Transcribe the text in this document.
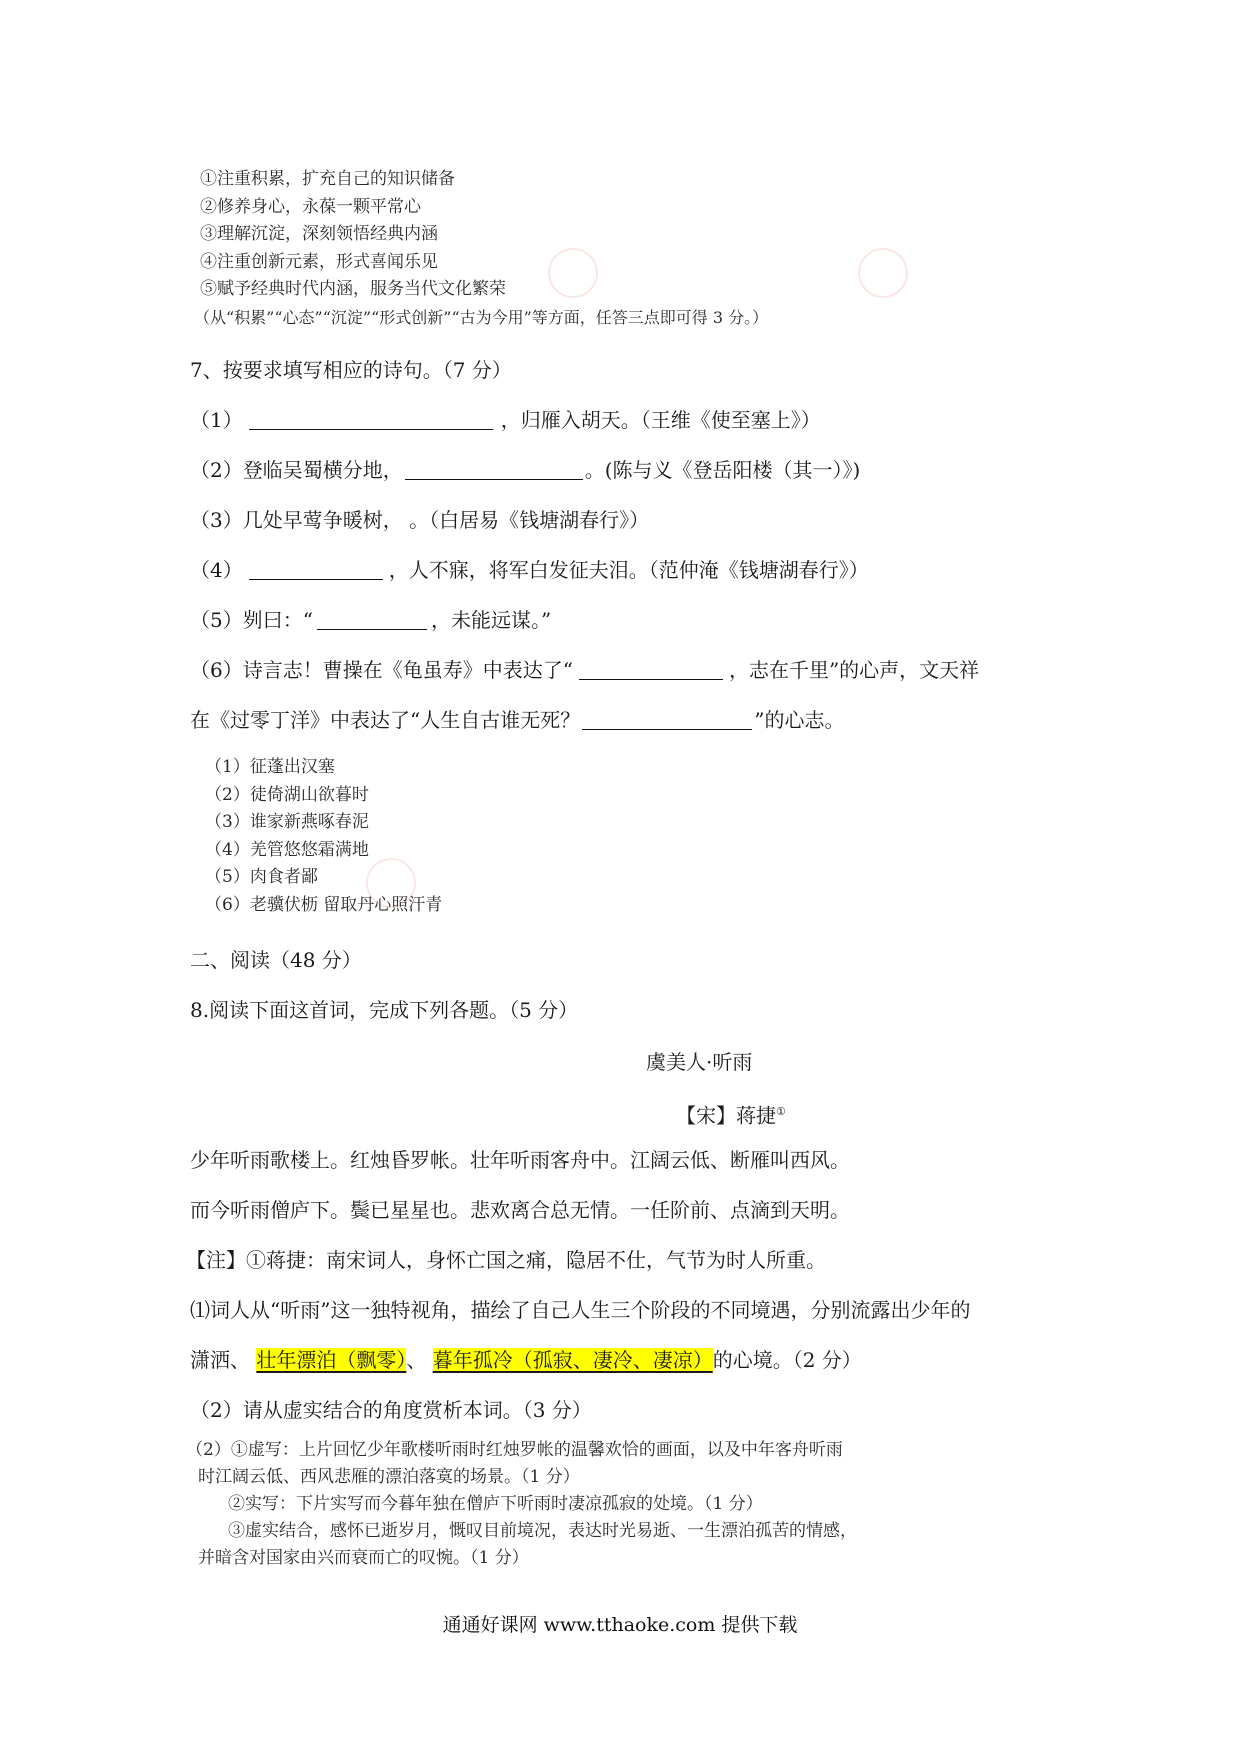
①注重积累，扩充自己的知识储备
②修养身心，永葆一颗平常心
③理解沉淀，深刻领悟经典内涵
④注重创新元素，形式喜闻乐见
⑤赋予经典时代内涵，服务当代文化繁荣
（从“积累”“心态”“沉淀”“形式创新”“古为今用”等方面，任答三点即可得 3 分。）
7、按要求填写相应的诗句。（7 分）
（1）	，归雁入胡天。（王维《使至塞上》）
（2）登临吴蜀横分地，	。(陈与义《登岳阳楼（其一）》)
（3）几处早莺争暖树， 。（白居易《钱塘湖春行》）
（4）	，人不寐，将军白发征夫泪。（范仲淹《钱塘湖春行》）
（5）刿曰：“	，未能远谋。”
（6）诗言志！曹操在《龟虽寿》中表达了“	，志在千里”的心声，文天祥
在《过零丁洋》中表达了“人生自古谁无死？	”的心志。
（1）征蓬出汉塞
（2）徒倚湖山欲暮时
（3）谁家新燕啄春泥
（4）羌管悠悠霜满地
（5）肉食者鄙
（6）老骥伏枥 留取丹心照汗青
二、阅读（48 分）
8.阅读下面这首词，完成下列各题。（5 分）
虞美人·听雨
【宋】蒋捷①
少年听雨歌楼上。红烛昏罗帐。壮年听雨客舟中。江阔云低、断雁叫西风。
而今听雨僧庐下。鬓已星星也。悲欢离合总无情。一任阶前、点滴到天明。
【注】①蒋捷：南宋词人，身怀亡国之痛，隐居不仕，气节为时人所重。
⑴词人从“听雨”这一独特视角，描绘了自己人生三个阶段的不同境遇，分别流露出少年的
潇洒、 壮年漂泊（飘零）、 暮年孤冷（孤寂、凄冷、凄凉）的心境。（2 分）
（2）请从虚实结合的角度赏析本词。（3 分）
（2）①虚写：上片回忆少年歌楼听雨时红烛罗帐的温馨欢恰的画面，以及中年客舟听雨
时江阔云低、西风悲雁的漂泊落寞的场景。（1 分）
②实写：下片实写而今暮年独在僧庐下听雨时凄凉孤寂的处境。（1 分）
③虚实结合，感怀已逝岁月，慨叹目前境况，表达时光易逝、一生漂泊孤苦的情感，
并暗含对国家由兴而衰而亡的叹惋。（1 分）
通通好课网 www.tthaoke.com 提供下载
